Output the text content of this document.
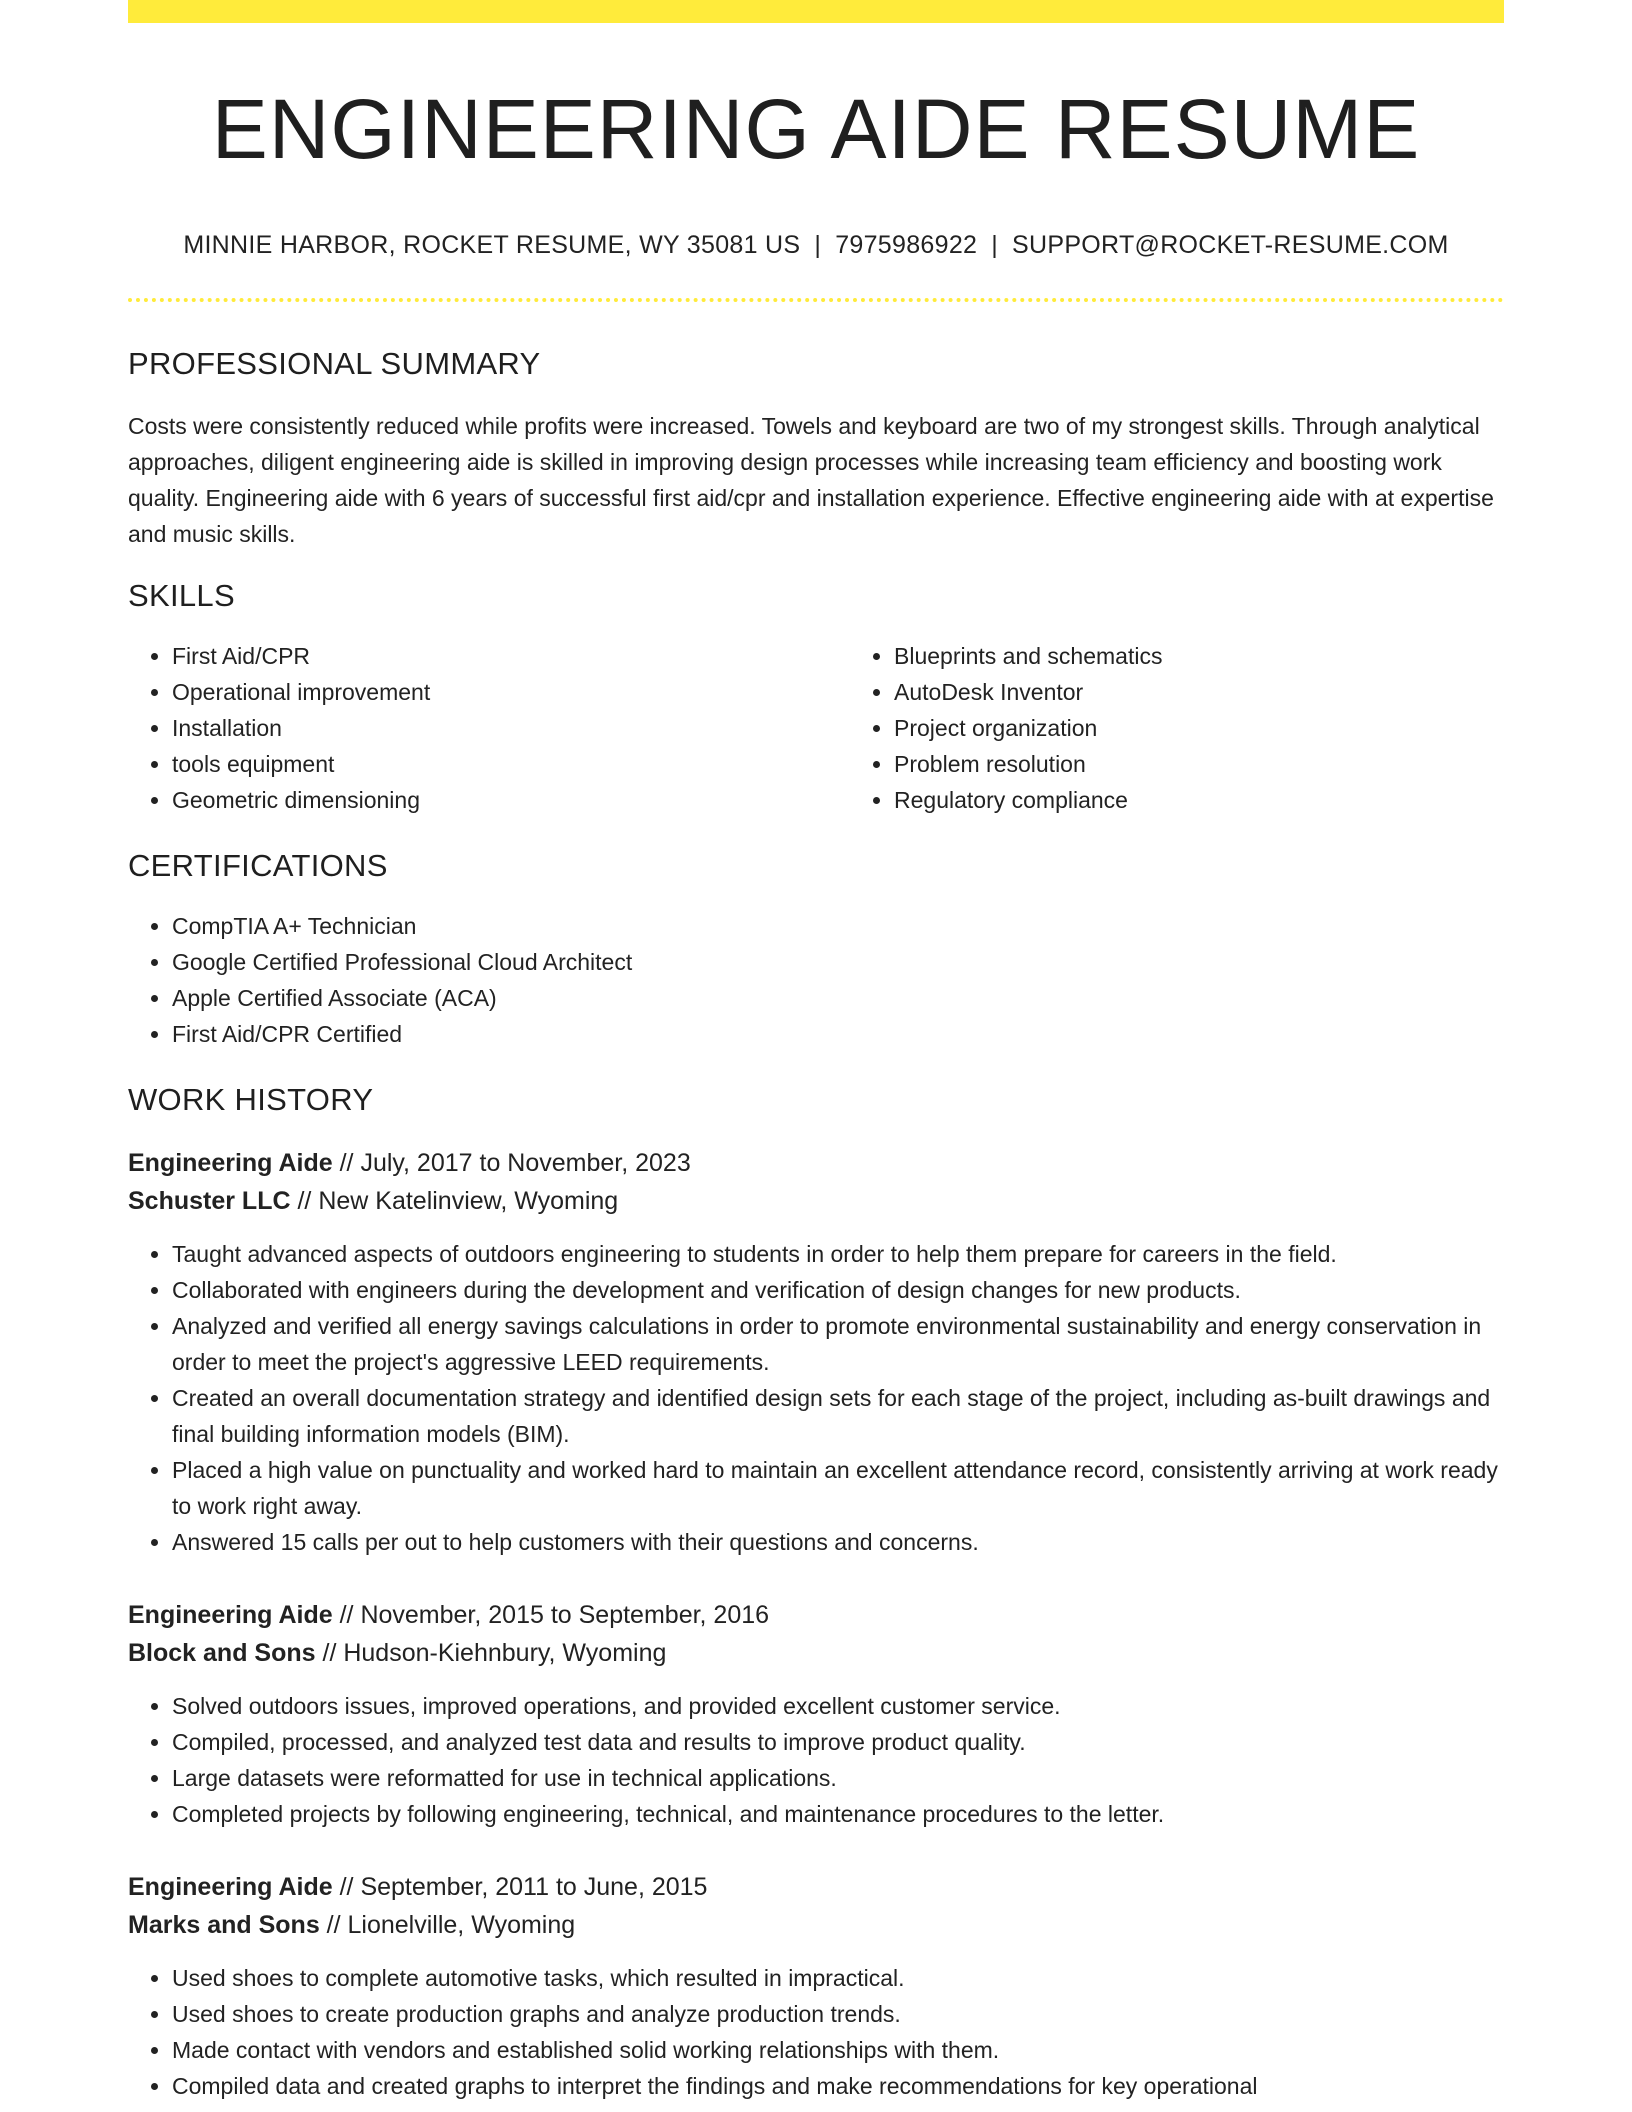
ENGINEERING AIDE RESUME
MINNIE HARBOR, ROCKET RESUME, WY 35081 US | 7975986922 | SUPPORT@ROCKET-RESUME.COM
PROFESSIONAL SUMMARY

Costs were consistently reduced while profits were increased. Towels and keyboard are two of my strongest skills. Through analytical approaches, diligent engineering aide is skilled in improving design processes while increasing team efficiency and boosting work quality. Engineering aide with 6 years of successful first aid/cpr and installation experience. Effective engineering aide with at expertise and music skills.

SKILLS
• First Aid/CPR
• Operational improvement
• Installation
• tools equipment
• Geometric dimensioning
• Blueprints and schematics
• AutoDesk Inventor
• Project organization
• Problem resolution
• Regulatory compliance
CERTIFICATIONS
• CompTIA A+ Technician
• Google Certified Professional Cloud Architect
• Apple Certified Associate (ACA)
• First Aid/CPR Certified
WORK HISTORY
Engineering Aide // July, 2017 to November, 2023
Schuster LLC // New Katelinview, Wyoming
• Taught advanced aspects of outdoors engineering to students in order to help them prepare for careers in the field.
• Collaborated with engineers during the development and verification of design changes for new products.
• Analyzed and verified all energy savings calculations in order to promote environmental sustainability and energy conservation in order to meet the project's aggressive LEED requirements.
• Created an overall documentation strategy and identified design sets for each stage of the project, including as-built drawings and final building information models (BIM).
• Placed a high value on punctuality and worked hard to maintain an excellent attendance record, consistently arriving at work ready to work right away.
• Answered 15 calls per out to help customers with their questions and concerns.
Engineering Aide // November, 2015 to September, 2016
Block and Sons // Hudson-Kiehnbury, Wyoming
• Solved outdoors issues, improved operations, and provided excellent customer service.
• Compiled, processed, and analyzed test data and results to improve product quality.
• Large datasets were reformatted for use in technical applications.
• Completed projects by following engineering, technical, and maintenance procedures to the letter.
Engineering Aide // September, 2011 to June, 2015
Marks and Sons // Lionelville, Wyoming
• Used shoes to complete automotive tasks, which resulted in impractical.
• Used shoes to create production graphs and analyze production trends.
• Made contact with vendors and established solid working relationships with them.
• Compiled data and created graphs to interpret the findings and make recommendations for key operational
